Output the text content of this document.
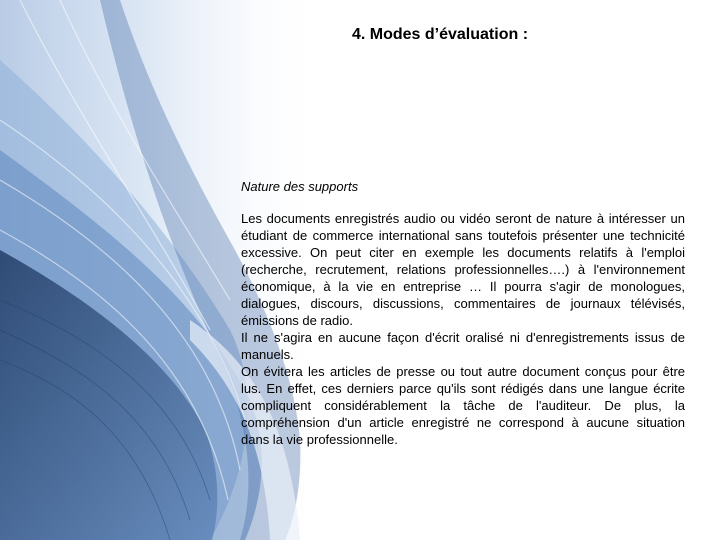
4. Modes d’évaluation :
Nature des supports

Les documents enregistrés audio ou vidéo seront de nature à intéresser un étudiant de commerce international sans toutefois présenter une technicité excessive. On peut citer en exemple les documents relatifs à l'emploi (recherche, recrutement, relations professionnelles….) à l'environnement économique, à la vie en entreprise … Il pourra s'agir de monologues, dialogues, discours, discussions, commentaires de journaux télévisés, émissions de radio.

Il ne s'agira en aucune façon d'écrit oralisé ni d'enregistrements issus de manuels.

On évitera les articles de presse ou tout autre document conçus pour être lus. En effet, ces derniers parce qu'ils sont rédigés dans une langue écrite compliquent considérablement la tâche de l'auditeur. De plus, la compréhension d'un article enregistré ne correspond à aucune situation dans la vie professionnelle.
